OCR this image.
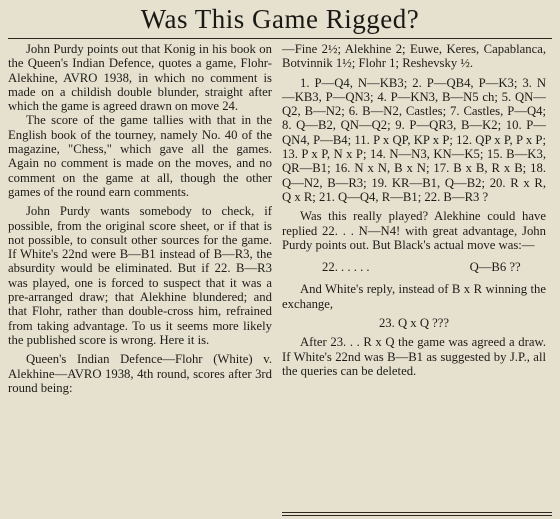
Was This Game Rigged?

John Purdy points out that Konig in his book on the Queen's Indian Defence, quotes a game, Flohr-Alekhine, AVRO 1938, in which no comment is made on a childish double blunder, straight after which the game is agreed drawn on move 24.

The score of the game tallies with that in the English book of the tourney, namely No. 40 of the magazine, "Chess," which gave all the games. Again no comment is made on the moves, and no comment on the game at all, though the other games of the round earn comments.

John Purdy wants somebody to check, if possible, from the original score sheet, or if that is not possible, to consult other sources for the game. If White's 22nd were B—B1 instead of B—R3, the absurdity would be eliminated. But if 22. B—R3 was played, one is forced to suspect that it was a pre-arranged draw; that Alekhine blundered; and that Flohr, rather than double-cross him, refrained from taking advantage. To us it seems more likely the published score is wrong. Here it is.

Queen's Indian Defence—Flohr (White) v. Alekhine—AVRO 1938, 4th round, scores after 3rd round being:

—Fine 2½; Alekhine 2; Euwe, Keres, Capablanca, Botvinnik 1½; Flohr 1; Reshevsky ½.

1. P—Q4, N—KB3; 2. P—QB4, P—K3; 3. N—KB3, P—QN3; 4. P—KN3, B—N5 ch; 5. QN—Q2, B—N2; 6. B—N2, Castles; 7. Castles, P—Q4; 8. Q—B2, QN—Q2; 9. P—QR3, B—K2; 10. P—QN4, P—B4; 11. P x QP, KP x P; 12. QP x P, P x P; 13. P x P, N x P; 14. N—N3, KN—K5; 15. B—K3, QR—B1; 16. N x N, B x N; 17. B x B, R x B; 18. Q—N2, B—R3; 19. KR—B1, Q—B2; 20. R x R, Q x R; 21. Q—Q4, R—B1; 22. B—R3 ?

Was this really played? Alekhine could have replied 22. . . N—N4! with great advantage, John Purdy points out. But Black's actual move was:—

22. . . . . .	Q—B6 ??

And White's reply, instead of B x R winning the exchange,

23. Q x Q ???

After 23. . . R x Q the game was agreed a draw. If White's 22nd was B—B1 as suggested by J.P., all the queries can be deleted.
